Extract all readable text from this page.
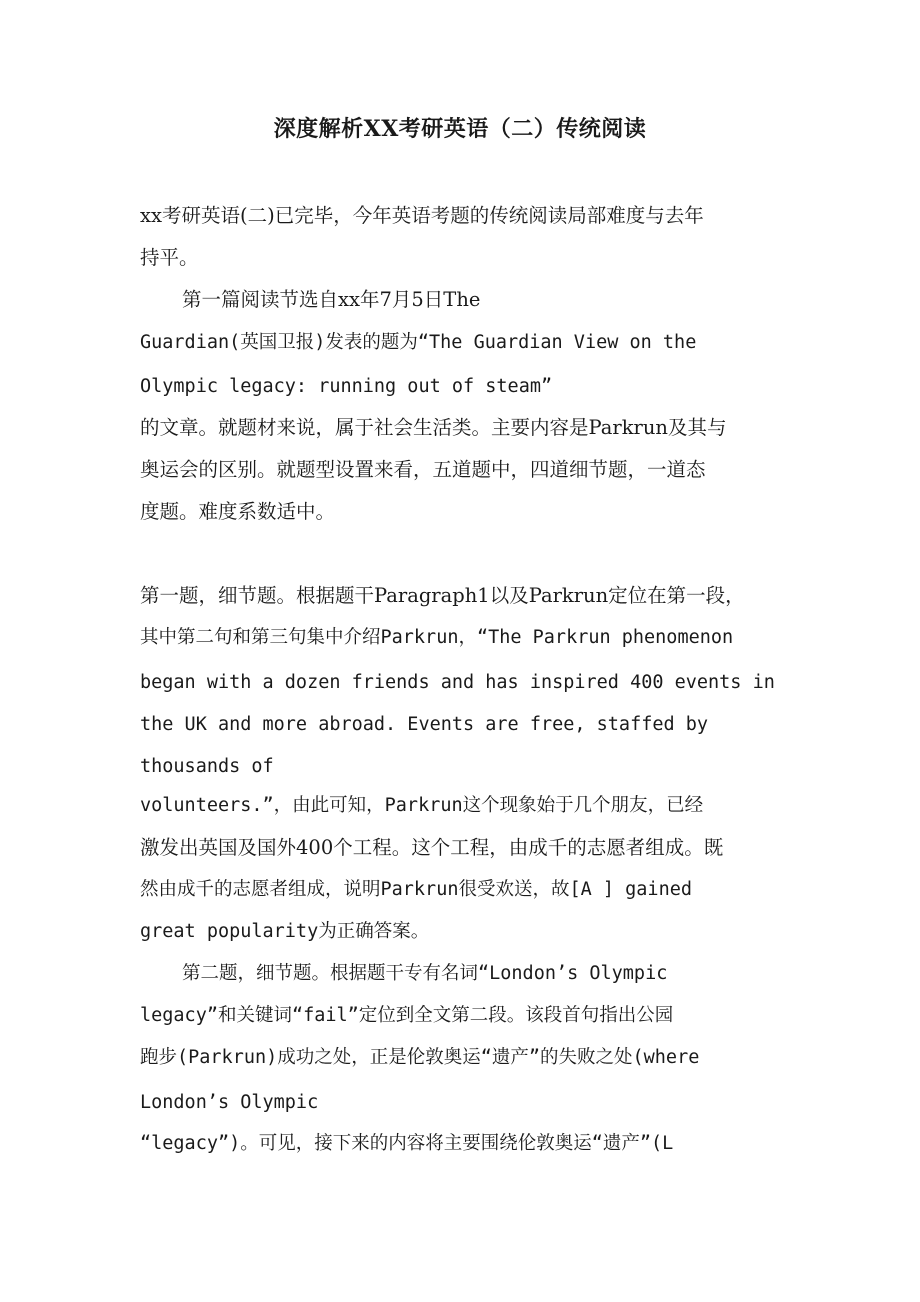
深度解析XX考研英语（二）传统阅读
xx考研英语(二)已完毕，今年英语考题的传统阅读局部难度与去年
持平。
第一篇阅读节选自xx年7月5日The
Guardian(英国卫报)发表的题为“The Guardian View on the
Olympic legacy: running out of steam”
的文章。就题材来说，属于社会生活类。主要内容是Parkrun及其与
奥运会的区别。就题型设置来看，五道题中，四道细节题，一道态
度题。难度系数适中。
第一题，细节题。根据题干Paragraph1以及Parkrun定位在第一段，
其中第二句和第三句集中介绍Parkrun，“The Parkrun phenomenon
began with a dozen friends and has inspired 400 events in
the UK and more abroad. Events are free, staffed by
thousands of
volunteers.”，由此可知，Parkrun这个现象始于几个朋友，已经
激发出英国及国外400个工程。这个工程，由成千的志愿者组成。既
然由成千的志愿者组成，说明Parkrun很受欢送，故[A ] gained
great popularity为正确答案。
第二题，细节题。根据题干专有名词“London’s Olympic
legacy”和关键词“fail”定位到全文第二段。该段首句指出公园
跑步(Parkrun)成功之处，正是伦敦奥运“遗产”的失败之处(where
London’s Olympic
“legacy”)。可见，接下来的内容将主要围绕伦敦奥运“遗产”(L
